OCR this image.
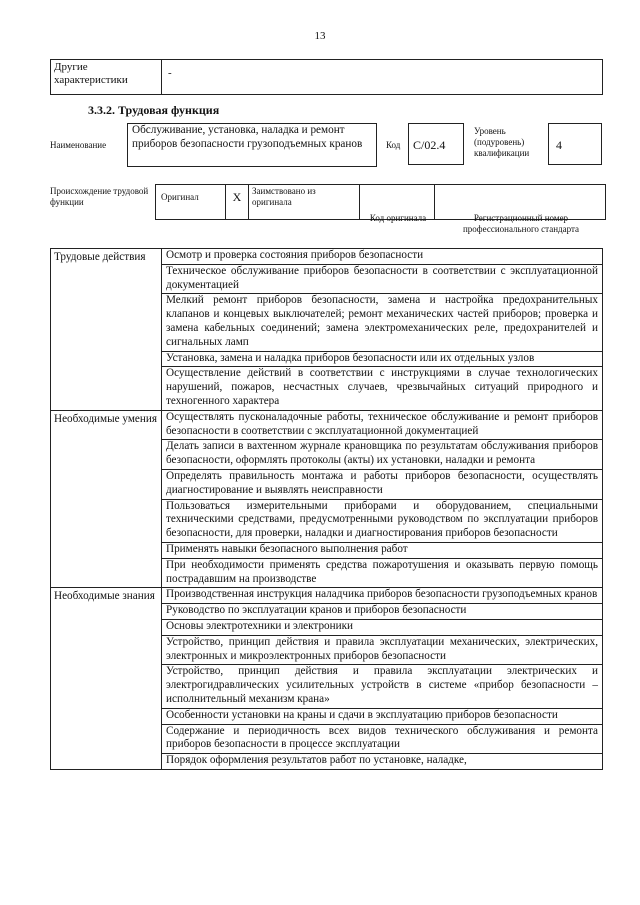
13
Другие характеристики	-
3.3.2. Трудовая функция
Наименование
Обслуживание, установка, наладка и ремонт приборов безопасности грузоподъемных кранов	Код	С/02.4
Уровень (подуровень) квалификации
4
Происхождение трудовой функции	Оригинал	X	Заимствовано из оригинала		
Код оригинала	Регистрационный номер профессионального стандарта
Трудовые действия	Осмотр и проверка состояния приборов безопасности
	Техническое обслуживание приборов безопасности в соответствии с эксплуатационной документацией
	Мелкий ремонт приборов безопасности, замена и настройка предохранительных клапанов и концевых выключателей; ремонт механических частей приборов; проверка и замена кабельных соединений; замена электромеханических реле, предохранителей и сигнальных ламп
	Установка, замена и наладка приборов безопасности или их отдельных узлов
	Осуществление действий в соответствии с инструкциями в случае технологических нарушений, пожаров, несчастных случаев, чрезвычайных ситуаций природного и техногенного характера
Необходимые умения	Осуществлять пусконаладочные работы, техническое обслуживание и ремонт приборов безопасности в соответствии с эксплуатационной документацией
	Делать записи в вахтенном журнале крановщика по результатам обслуживания приборов безопасности, оформлять протоколы (акты) их установки, наладки и ремонта
	Определять правильность монтажа и работы приборов безопасности, осуществлять диагностирование и выявлять неисправности
	Пользоваться измерительными приборами и оборудованием, специальными техническими средствами, предусмотренными руководством по эксплуатации приборов безопасности, для проверки, наладки и диагностирования приборов безопасности
	Применять навыки безопасного выполнения работ
	При необходимости применять средства пожаротушения и оказывать первую помощь пострадавшим на производстве
Необходимые знания	Производственная инструкция наладчика приборов безопасности грузоподъемных кранов
	Руководство по эксплуатации кранов и приборов безопасности
	Основы электротехники и электроники
	Устройство, принцип действия и правила эксплуатации механических, электрических, электронных и микроэлектронных приборов безопасности
	Устройство, принцип действия и правила эксплуатации электрических и электрогидравлических усилительных устройств в системе «прибор безопасности – исполнительный механизм крана»
	Особенности установки на краны и сдачи в эксплуатацию приборов безопасности
	Содержание и периодичность всех видов технического обслуживания и ремонта приборов безопасности в процессе эксплуатации
	Порядок оформления результатов работ по установке, наладке,
